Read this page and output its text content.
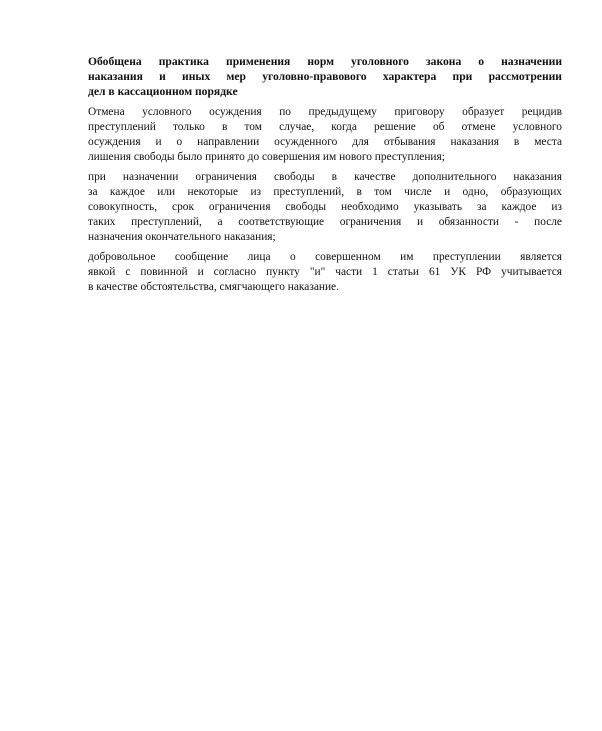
Обобщена практика применения норм уголовного закона о назначении
наказания и иных мер уголовно-правового характера при рассмотрении
дел в кассационном порядке

Отмена условного осуждения по предыдущему приговору образует рецидив
преступлений только в том случае, когда решение об отмене условного
осуждения и о направлении осужденного для отбывания наказания в места
лишения свободы было принято до совершения им нового преступления;

при назначении ограничения свободы в качестве дополнительного наказания
за каждое или некоторые из преступлений, в том числе и одно, образующих
совокупность, срок ограничения свободы необходимо указывать за каждое из
таких преступлений, а соответствующие ограничения и обязанности - после
назначения окончательного наказания;

добровольное сообщение лица о совершенном им преступлении является
явкой с повинной и согласно пункту "и" части 1 статьи 61 УК РФ учитывается
в качестве обстоятельства, смягчающего наказание.
